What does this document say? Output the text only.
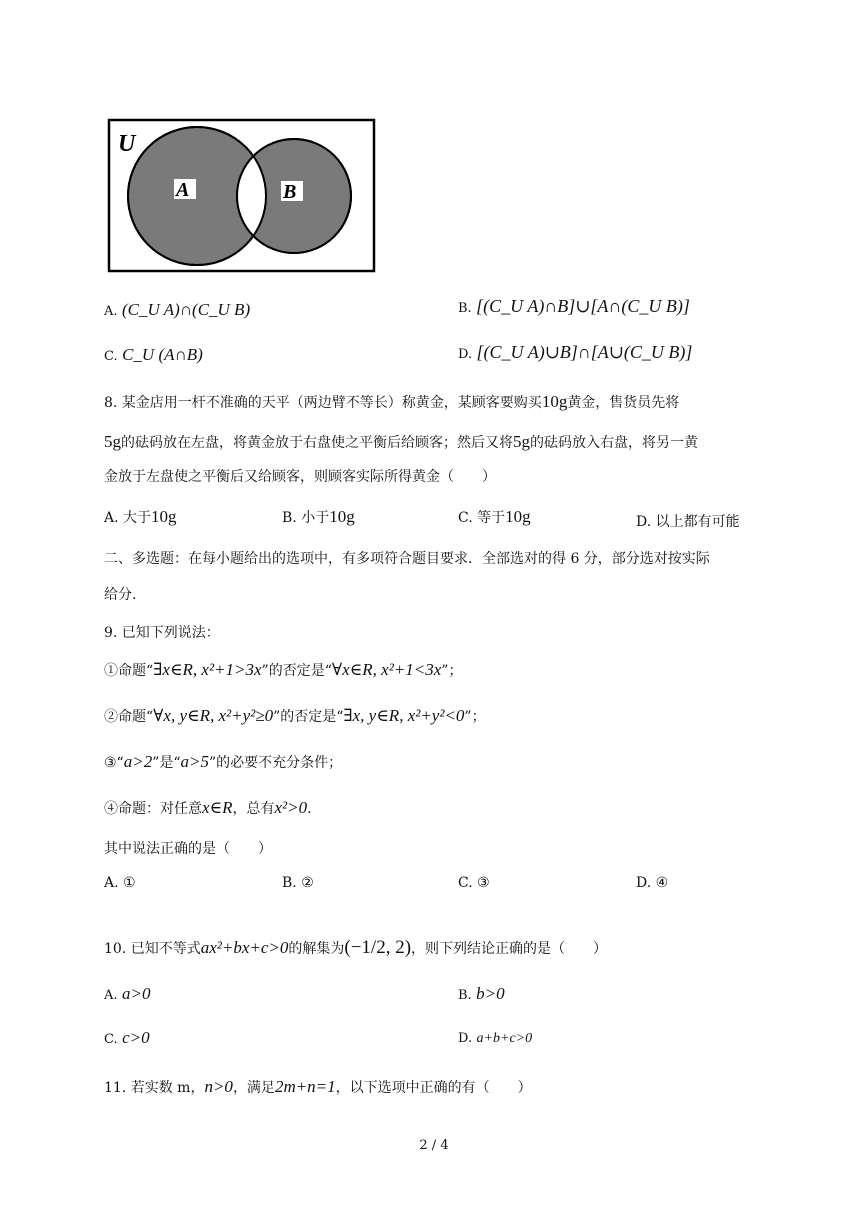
U
A	B
A. (C_U A)∩(C_U B)	B. [(C_U A)∩B]∪[A∩(C_U B)]
C. C_U (A∩B)	D. [(C_U A)∪B]∩[A∪(C_U B)]
8. 某金店用一杆不准确的天平（两边臂不等长）称黄金，某顾客要购买10g黄金，售货员先将
5g的砝码放在左盘，将黄金放于右盘使之平衡后给顾客；然后又将5g的砝码放入右盘，将另一黄
金放于左盘使之平衡后又给顾客，则顾客实际所得黄金（　　）
A. 大于10g	B. 小于10g	C. 等于10g	D. 以上都有可能
二、多选题：在每小题给出的选项中，有多项符合题目要求．全部选对的得 6 分，部分选对按实际
给分.
9. 已知下列说法：
①命题“∃x∈R, x²+1>3x”的否定是“∀x∈R, x²+1<3x”；
②命题“∀x, y∈R, x²+y²≥0”的否定是“∃x, y∈R, x²+y²<0”；
③“a>2”是“a>5”的必要不充分条件；
④命题：对任意x∈R，总有x²>0.
其中说法正确的是（　　）
A. ①	B. ②	C. ③	D. ④
10. 已知不等式ax²+bx+c>0的解集为(−1/2, 2)，则下列结论正确的是（　　）
A. a>0	B. b>0
C. c>0	D. a+b+c>0
11. 若实数 m，n>0，满足2m+n=1，以下选项中正确的有（　　）
2 / 4
